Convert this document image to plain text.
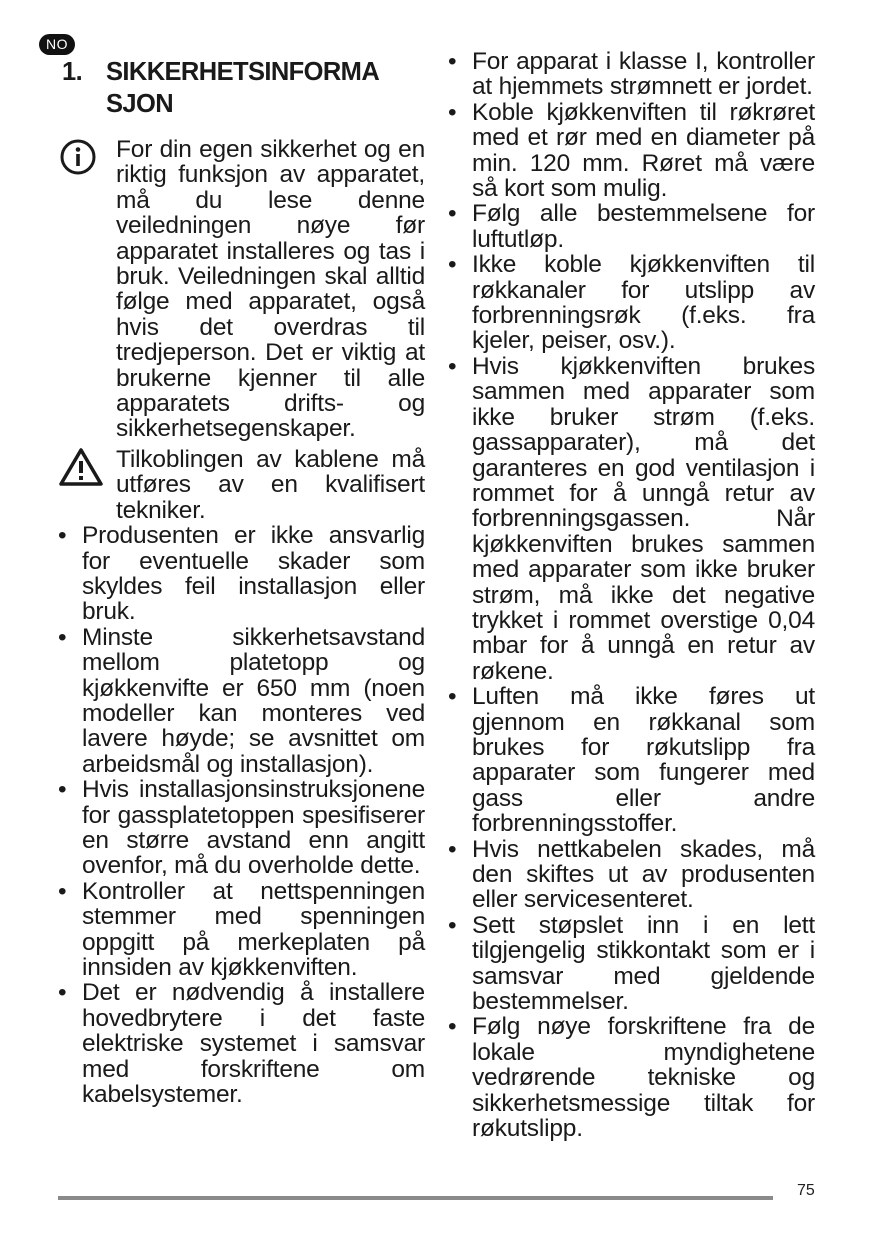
NO
1. SIKKERHETSINFORMA SJON

For din egen sikkerhet og en riktig funksjon av apparatet, må du lese denne veiledningen nøye før apparatet installeres og tas i bruk. Veiledningen skal alltid følge med apparatet, også hvis det overdras til tredjeperson. Det er viktig at brukerne kjenner til alle apparatets drifts- og sikkerhetsegenskaper.

Tilkoblingen av kablene må utføres av en kvalifisert tekniker.

• Produsenten er ikke ansvarlig for eventuelle skader som skyldes feil installasjon eller bruk.

• Minste sikkerhetsavstand mellom platetopp og kjøkkenvifte er 650 mm (noen modeller kan monteres ved lavere høyde; se avsnittet om arbeidsmål og installasjon).

• Hvis installasjonsinstruksjonene for gassplatetoppen spesifiserer en større avstand enn angitt ovenfor, må du overholde dette.

• Kontroller at nettspenningen stemmer med spenningen oppgitt på merkeplaten på innsiden av kjøkkenviften.

• Det er nødvendig å installere hovedbrytere i det faste elektriske systemet i samsvar med forskriftene om kabelsystemer.

• For apparat i klasse I, kontroller at hjemmets strømnett er jordet.

• Koble kjøkkenviften til røkrøret med et rør med en diameter på min. 120 mm. Røret må være så kort som mulig.

• Følg alle bestemmelsene for luftutløp.

• Ikke koble kjøkkenviften til røkkanaler for utslipp av forbrenningsrøk (f.eks. fra kjeler, peiser, osv.).

• Hvis kjøkkenviften brukes sammen med apparater som ikke bruker strøm (f.eks. gassapparater), må det garanteres en god ventilasjon i rommet for å unngå retur av forbrenningsgassen. Når kjøkkenviften brukes sammen med apparater som ikke bruker strøm, må ikke det negative trykket i rommet overstige 0,04 mbar for å unngå en retur av røkene.

• Luften må ikke føres ut gjennom en røkkanal som brukes for røkutslipp fra apparater som fungerer med gass eller andre forbrenningsstoffer.

• Hvis nettkabelen skades, må den skiftes ut av produsenten eller servicesenteret.

• Sett støpslet inn i en lett tilgjengelig stikkontakt som er i samsvar med gjeldende bestemmelser.

• Følg nøye forskriftene fra de lokale myndighetene vedrørende tekniske og sikkerhetsmessige tiltak for røkutslipp.

75
